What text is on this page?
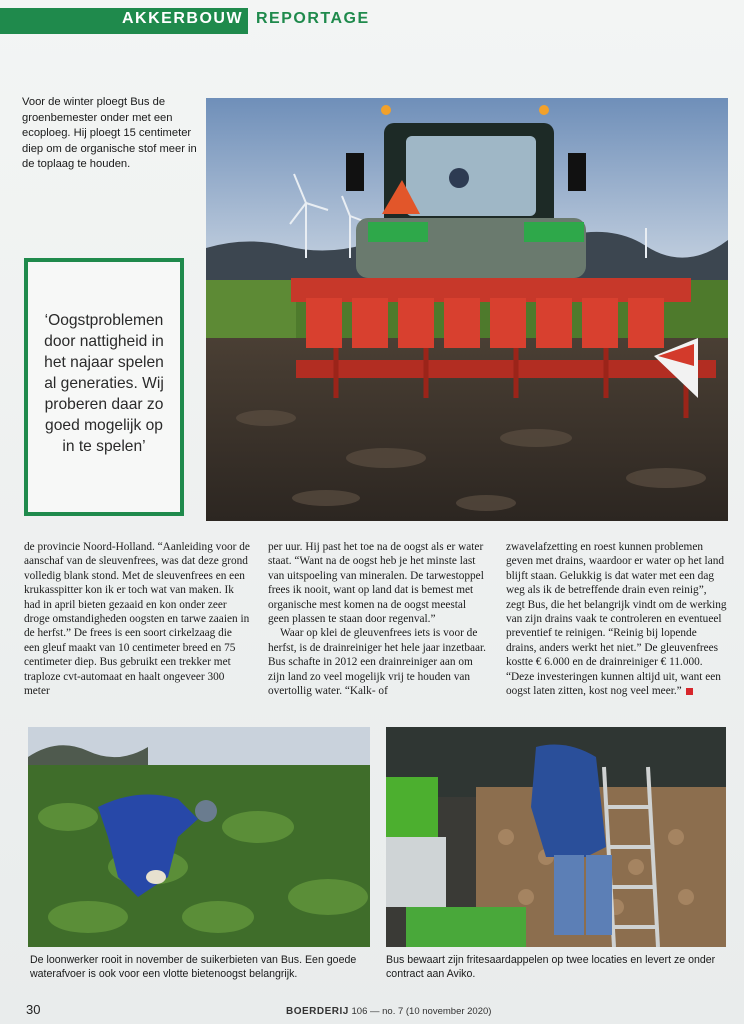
AKKERBOUW REPORTAGE
Voor de winter ploegt Bus de groenbemester onder met een ecoploeg. Hij ploegt 15 centimeter diep om de organische stof meer in de toplaag te houden.

‘Oogstproblemen door nattigheid in het najaar spelen al generaties. Wij proberen daar zo goed mogelijk op in te spelen’

de provincie Noord-Holland. “Aanleiding voor de aanschaf van de sleuvenfrees, was dat deze grond volledig blank stond. Met de sleuvenfrees en een krukasspitter kon ik er toch wat van maken. Ik had in april bieten gezaaid en kon onder zeer droge omstandigheden oogsten en tarwe zaaien in de herfst.” De frees is een soort cirkelzaag die een gleuf maakt van 10 centimeter breed en 75 centimeter diep. Bus gebruikt een trekker met traploze cvt-automaat en haalt ongeveer 300 meter

per uur. Hij past het toe na de oogst als er water staat. “Want na de oogst heb je het minste last van uitspoeling van mineralen. De tarwestoppel frees ik nooit, want op land dat is bemest met organische mest komen na de oogst meestal geen plassen te staan door regenval.”

Waar op klei de gleuvenfrees iets is voor de herfst, is de drainreiniger het hele jaar inzetbaar. Bus schafte in 2012 een drainreiniger aan om zijn land zo veel mogelijk vrij te houden van overtollig water. “Kalk- of

zwavelafzetting en roest kunnen problemen geven met drains, waardoor er water op het land blijft staan. Gelukkig is dat water met een dag weg als ik de betreffende drain even reinig”, zegt Bus, die het belangrijk vindt om de werking van zijn drains vaak te controleren en eventueel preventief te reinigen. “Reinig bij lopende drains, anders werkt het niet.” De gleuvenfrees kostte € 6.000 en de drainreiniger € 11.000. “Deze investeringen kunnen altijd uit, want een oogst laten zitten, kost nog veel meer.”

De loonwerker rooit in november de suikerbieten van Bus. Een goede waterafvoer is ook voor een vlotte bietenoogst belangrijk.
Bus bewaart zijn fritesaardappelen op twee locaties en levert ze onder contract aan Aviko.
30	BOERDERIJ 106 — no. 7 (10 november 2020)
